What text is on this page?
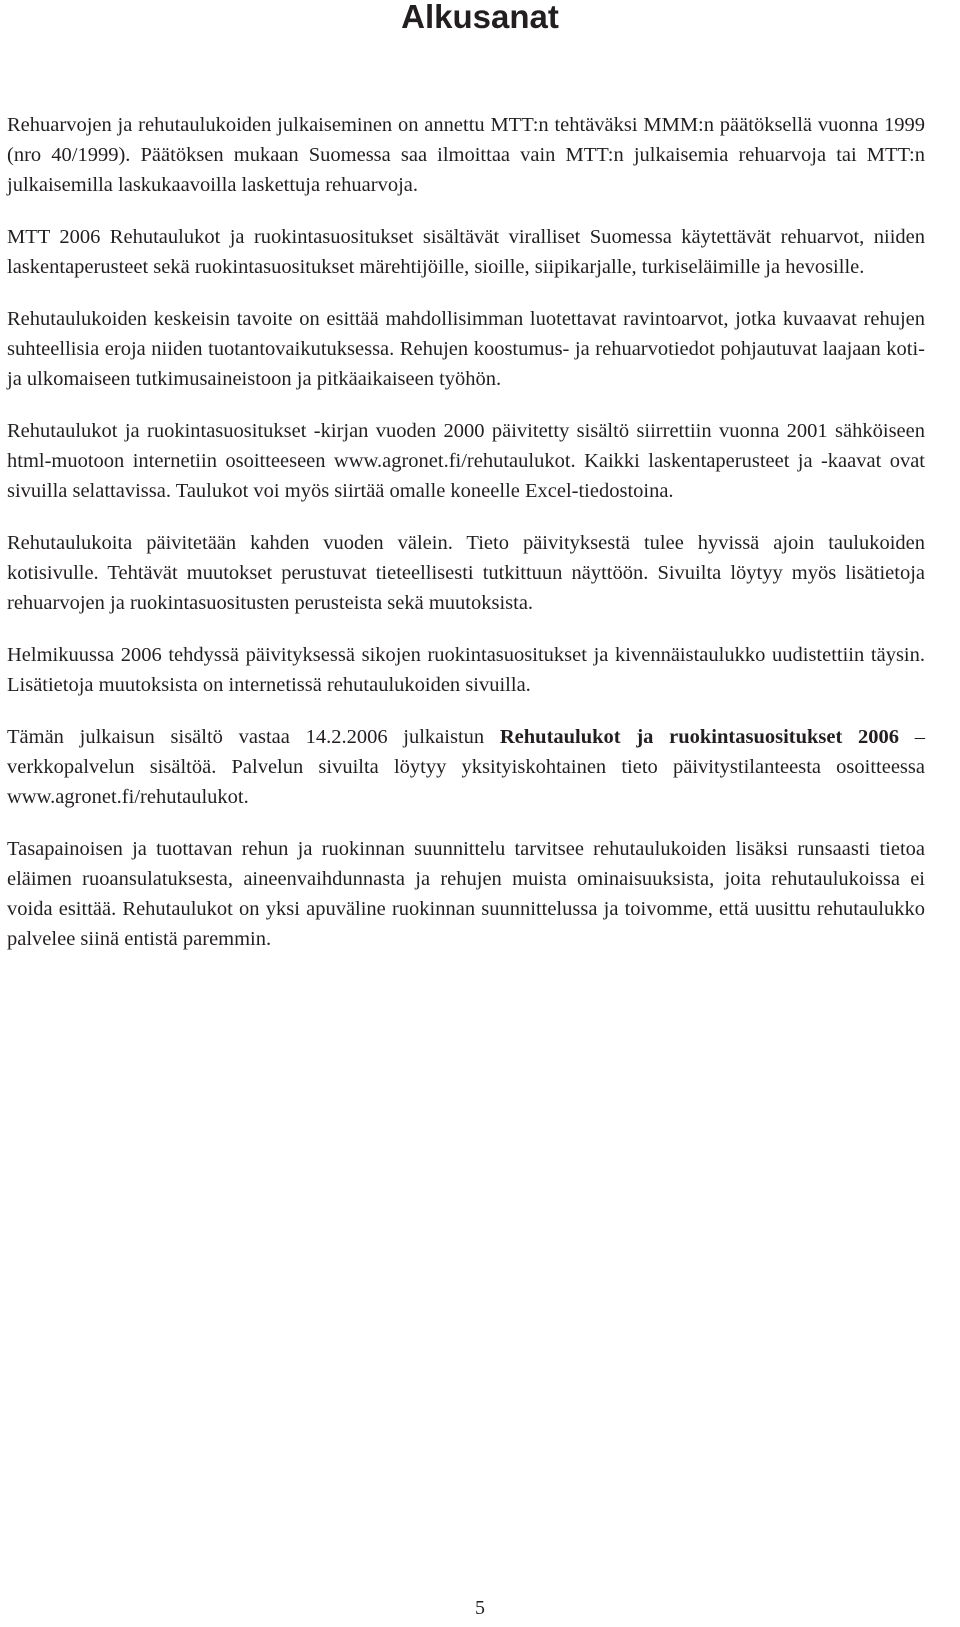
Alkusanat

Rehuarvojen ja rehutaulukoiden julkaiseminen on annettu MTT:n tehtäväksi MMM:n päätöksellä vuonna 1999 (nro 40/1999). Päätöksen mukaan Suomessa saa ilmoittaa vain MTT:n julkaisemia rehuarvoja tai MTT:n julkaisemilla laskukaavoilla laskettuja rehuarvoja.

MTT 2006 Rehutaulukot ja ruokintasuositukset sisältävät viralliset Suomessa käytettävät rehuarvot, niiden laskentaperusteet sekä ruokintasuositukset märehtijöille, sioille, siipikarjalle, turkiseläimille ja hevosille.

Rehutaulukoiden keskeisin tavoite on esittää mahdollisimman luotettavat ravintoarvot, jotka kuvaavat rehujen suhteellisia eroja niiden tuotantovaikutuksessa. Rehujen koostumus- ja rehuarvotiedot pohjautuvat laajaan koti- ja ulkomaiseen tutkimusaineistoon ja pitkäaikaiseen työhön.

Rehutaulukot ja ruokintasuositukset -kirjan vuoden 2000 päivitetty sisältö siirrettiin vuonna 2001 sähköiseen html-muotoon internetiin osoitteeseen www.agronet.fi/rehutaulukot. Kaikki laskentaperusteet ja -kaavat ovat sivuilla selattavissa. Taulukot voi myös siirtää omalle koneelle Excel-tiedostoina.

Rehutaulukoita päivitetään kahden vuoden välein. Tieto päivityksestä tulee hyvissä ajoin taulukoiden kotisivulle. Tehtävät muutokset perustuvat tieteellisesti tutkittuun näyttöön. Sivuilta löytyy myös lisätietoja rehuarvojen ja ruokintasuositusten perusteista sekä muutoksista.

Helmikuussa 2006 tehdyssä päivityksessä sikojen ruokintasuositukset ja kivennäistaulukko uudistettiin täysin. Lisätietoja muutoksista on internetissä rehutaulukoiden sivuilla.

Tämän julkaisun sisältö vastaa 14.2.2006 julkaistun Rehutaulukot ja ruokintasuositukset 2006 – verkkopalvelun sisältöä. Palvelun sivuilta löytyy yksityiskohtainen tieto päivitystilanteesta osoitteessa www.agronet.fi/rehutaulukot.

Tasapainoisen ja tuottavan rehun ja ruokinnan suunnittelu tarvitsee rehutaulukoiden lisäksi runsaasti tietoa eläimen ruoansulatuksesta, aineenvaihdunnasta ja rehujen muista ominaisuuksista, joita rehutaulukoissa ei voida esittää. Rehutaulukot on yksi apuväline ruokinnan suunnittelussa ja toivomme, että uusittu rehutaulukko palvelee siinä entistä paremmin.

5
